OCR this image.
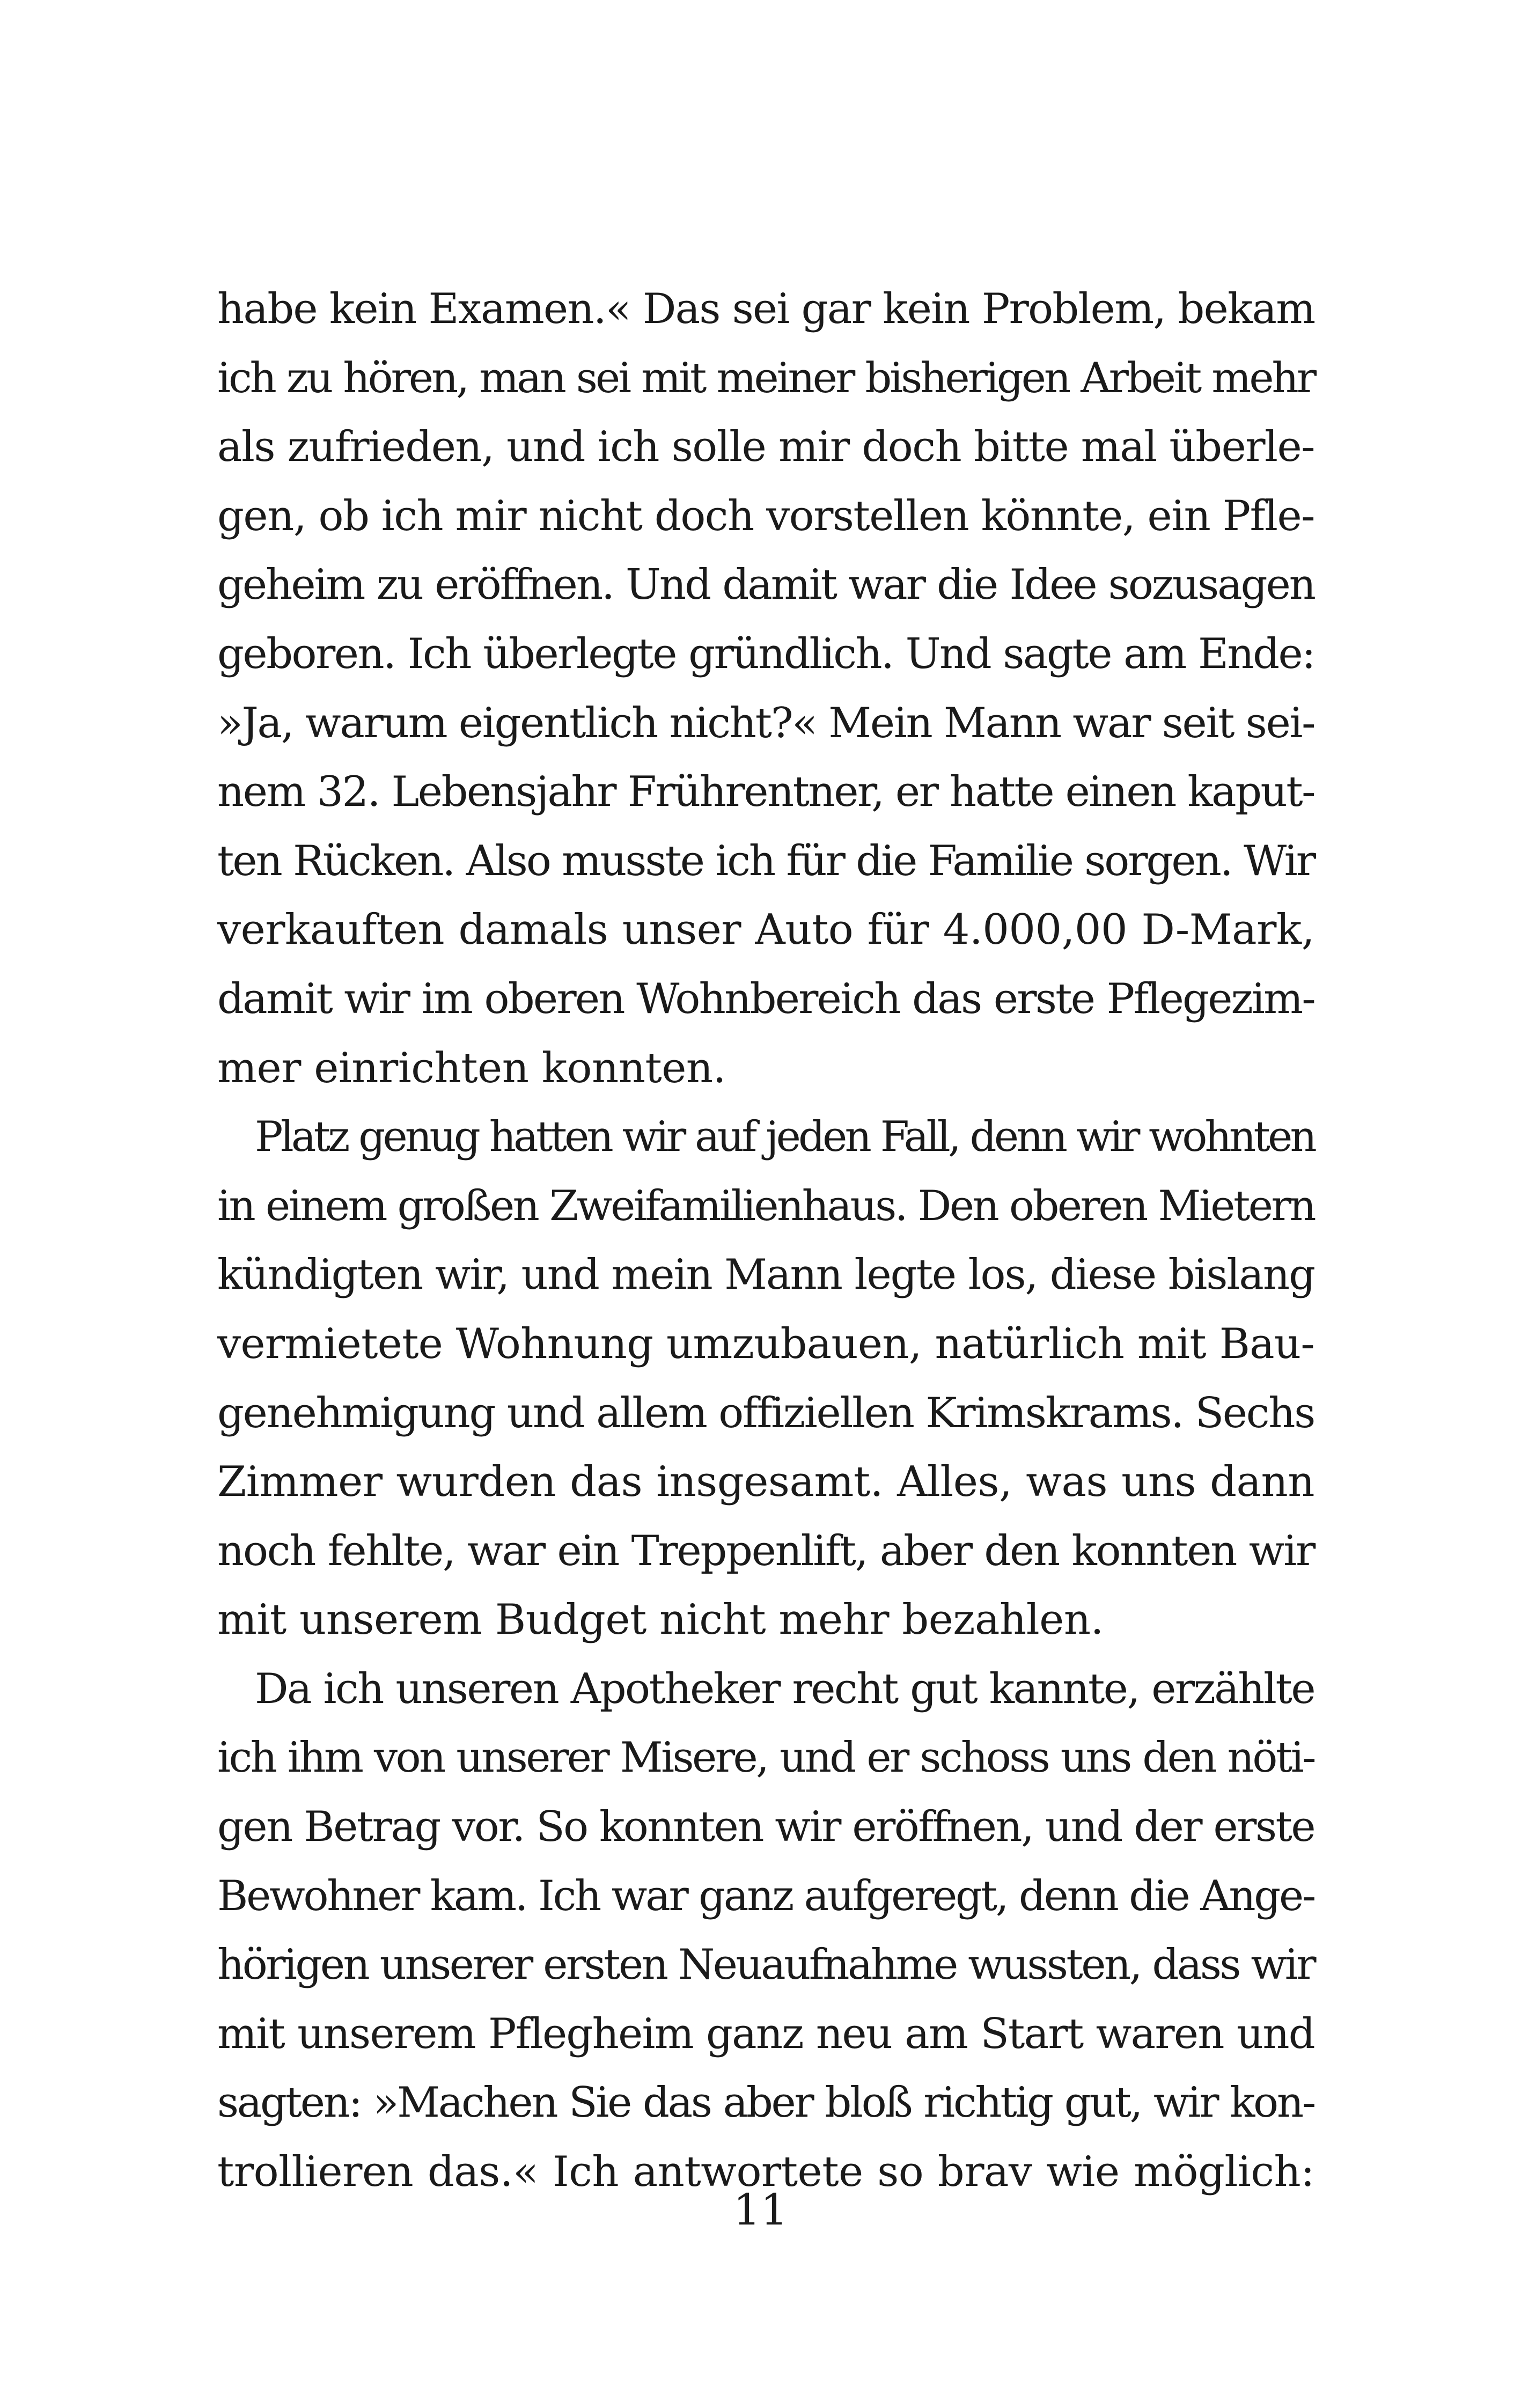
habe kein Examen.« Das sei gar kein Problem, bekam
ich zu hören, man sei mit meiner bisherigen Arbeit mehr
als zufrieden, und ich solle mir doch bitte mal überle-
gen, ob ich mir nicht doch vorstellen könnte, ein Pfle-
geheim zu eröffnen. Und damit war die Idee sozusagen
geboren. Ich überlegte gründlich. Und sagte am Ende:
»Ja, warum eigentlich nicht?« Mein Mann war seit sei-
nem 32. Lebensjahr Frührentner, er hatte einen kaput-
ten Rücken. Also musste ich für die Familie sorgen. Wir
verkauften damals unser Auto für 4.000,00 D-Mark,
damit wir im oberen Wohnbereich das erste Pflegezim-
mer einrichten konnten.
Platz genug hatten wir auf jeden Fall, denn wir wohnten
in einem großen Zweifamilienhaus. Den oberen Mietern
kündigten wir, und mein Mann legte los, diese bislang
vermietete Wohnung umzubauen, natürlich mit Bau-
genehmigung und allem offiziellen Krimskrams. Sechs
Zimmer wurden das insgesamt. Alles, was uns dann
noch fehlte, war ein Treppenlift, aber den konnten wir
mit unserem Budget nicht mehr bezahlen.
Da ich unseren Apotheker recht gut kannte, erzählte
ich ihm von unserer Misere, und er schoss uns den nöti-
gen Betrag vor. So konnten wir eröffnen, und der erste
Bewohner kam. Ich war ganz aufgeregt, denn die Ange-
hörigen unserer ersten Neuaufnahme wussten, dass wir
mit unserem Pflegheim ganz neu am Start waren und
sagten: »Machen Sie das aber bloß richtig gut, wir kon-
trollieren das.« Ich antwortete so brav wie möglich:
11
